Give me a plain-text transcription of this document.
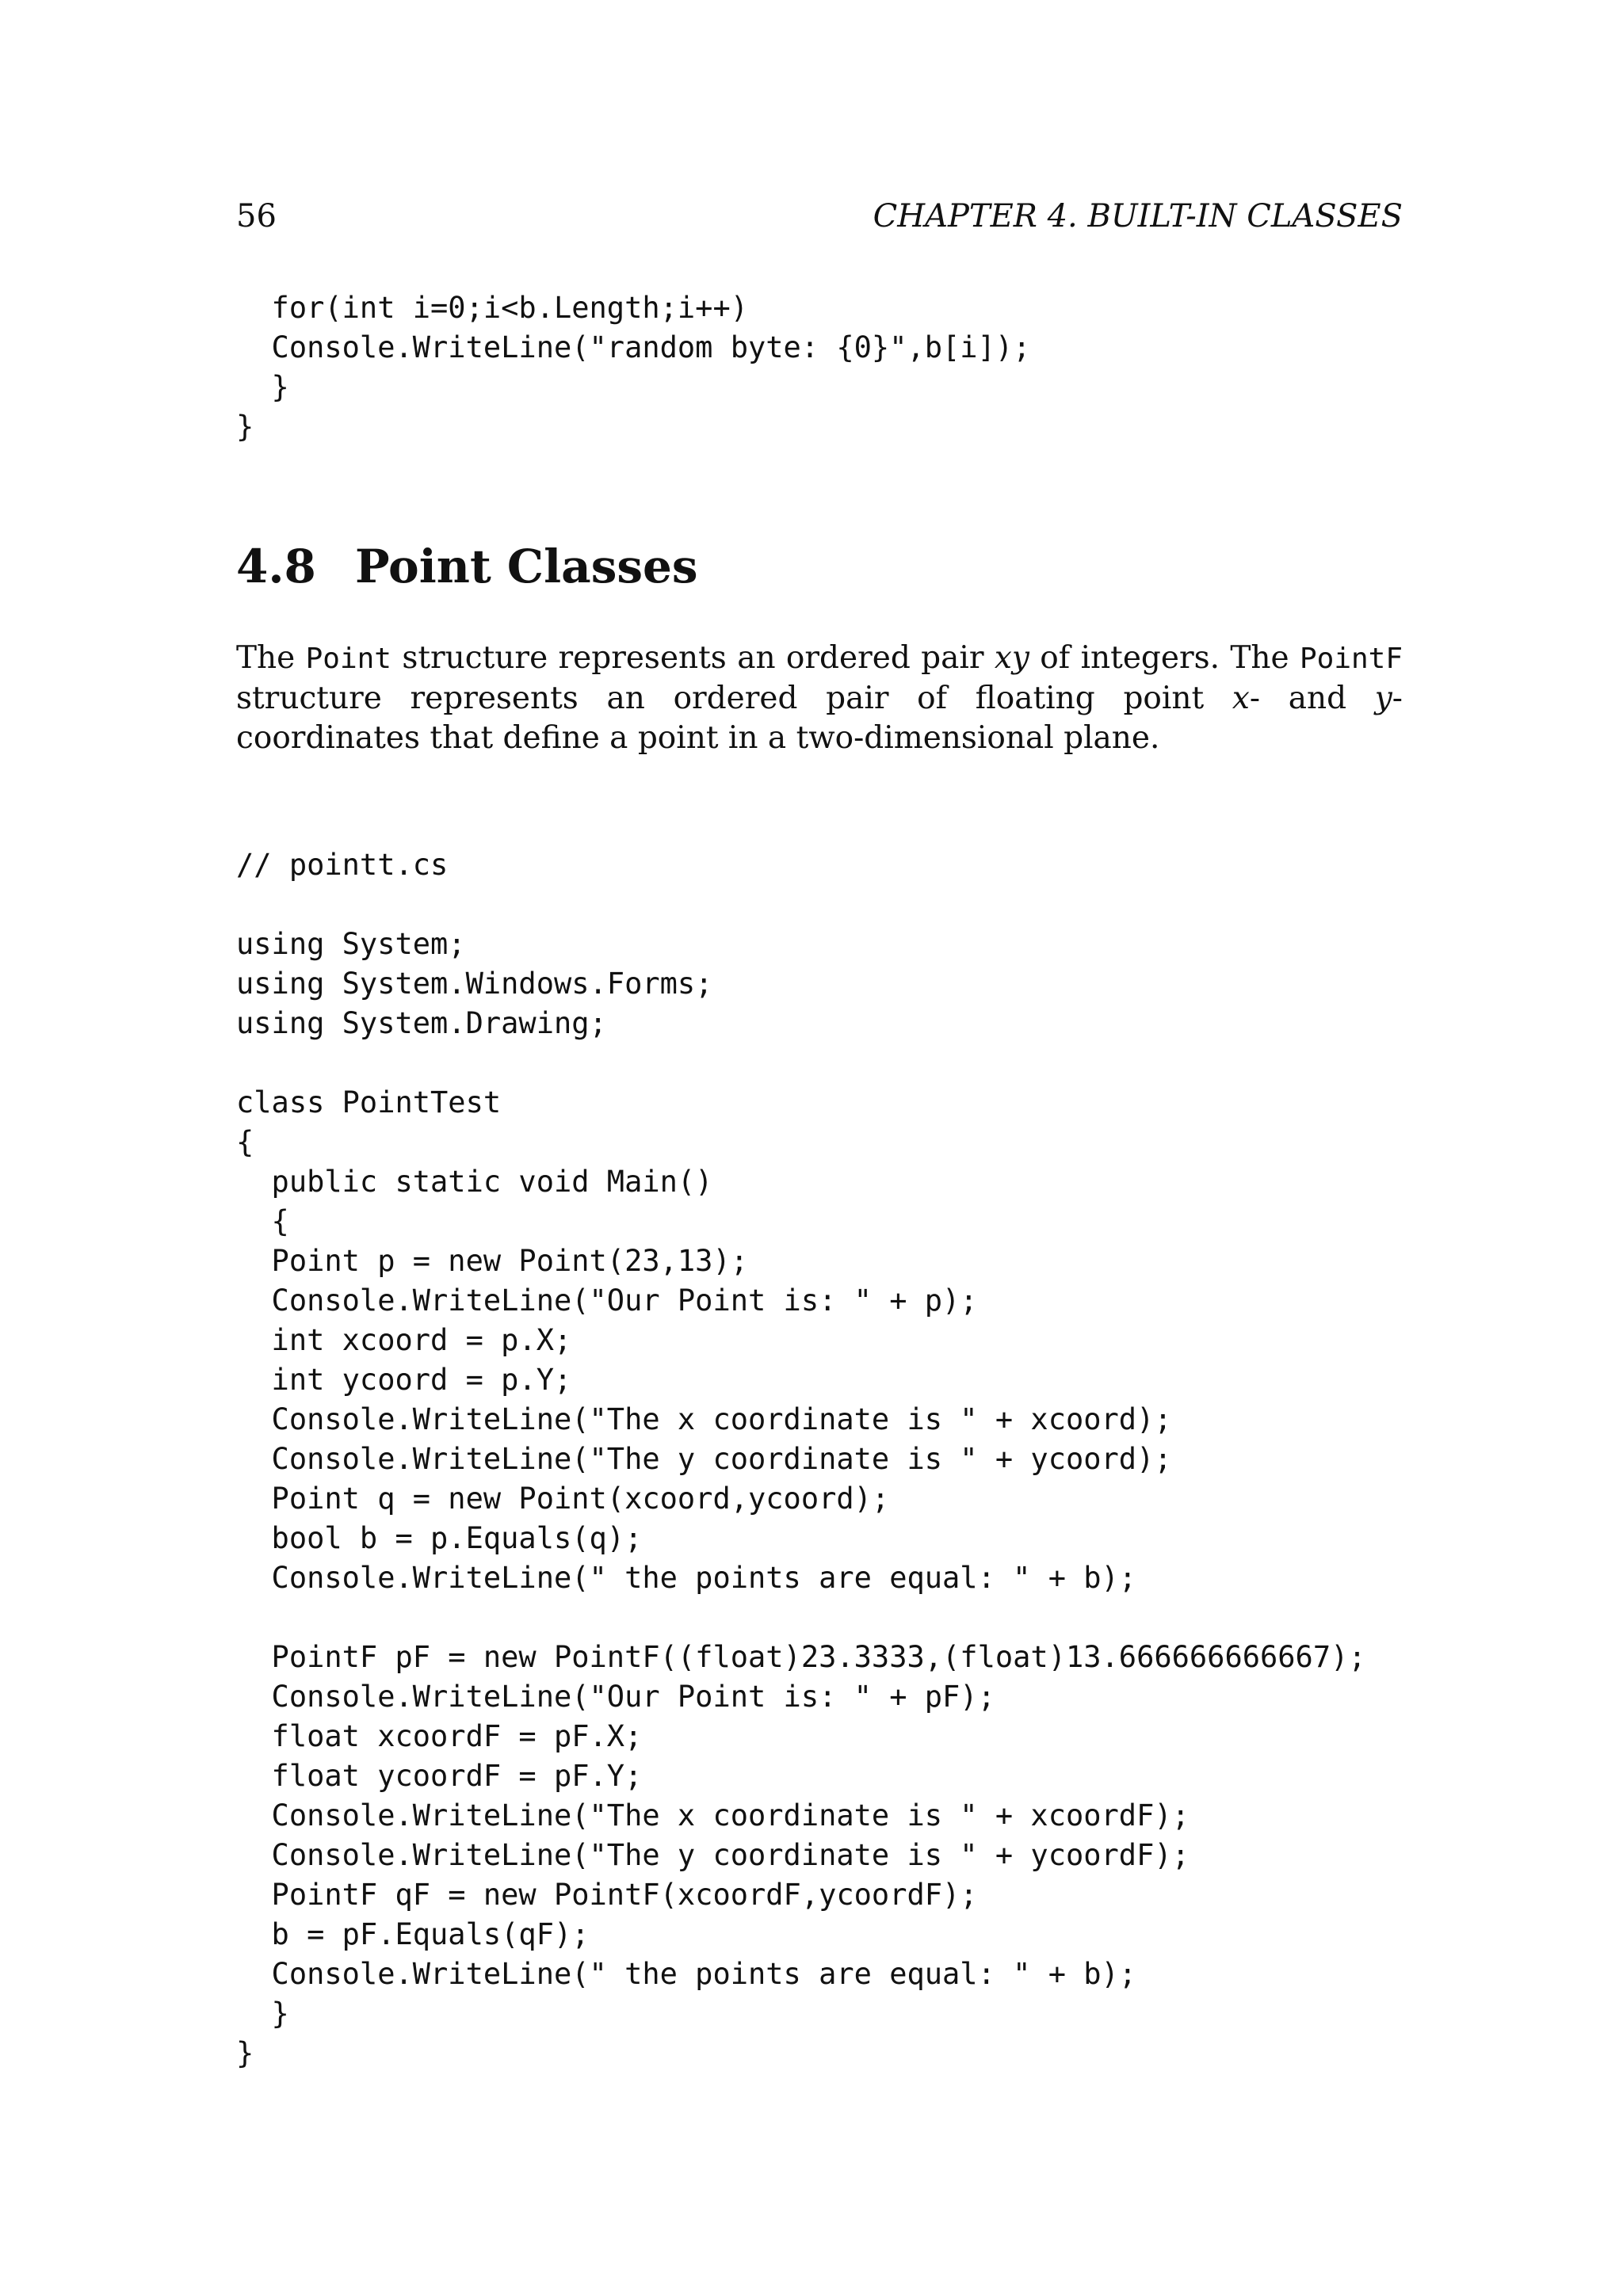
56	CHAPTER 4. BUILT-IN CLASSES
for(int i=0;i<b.Length;i++)
Console.WriteLine("random byte: {0}",b[i]);
}
}
4.8 Point Classes

The Point structure represents an ordered pair xy of integers. The PointF structure represents an ordered pair of floating point x- and y- coordinates that define a point in a two-dimensional plane.

// pointt.cs

using System;
using System.Windows.Forms;
using System.Drawing;

class PointTest
{
public static void Main()
{
Point p = new Point(23,13);
Console.WriteLine("Our Point is: " + p);
int xcoord = p.X;
int ycoord = p.Y;
Console.WriteLine("The x coordinate is " + xcoord);
Console.WriteLine("The y coordinate is " + ycoord);
Point q = new Point(xcoord,ycoord);
bool b = p.Equals(q);
Console.WriteLine(" the points are equal: " + b);

PointF pF = new PointF((float)23.3333,(float)13.666666666667);
Console.WriteLine("Our Point is: " + pF);
float xcoordF = pF.X;
float ycoordF = pF.Y;
Console.WriteLine("The x coordinate is " + xcoordF);
Console.WriteLine("The y coordinate is " + ycoordF);
PointF qF = new PointF(xcoordF,ycoordF);
b = pF.Equals(qF);
Console.WriteLine(" the points are equal: " + b);
}
}
